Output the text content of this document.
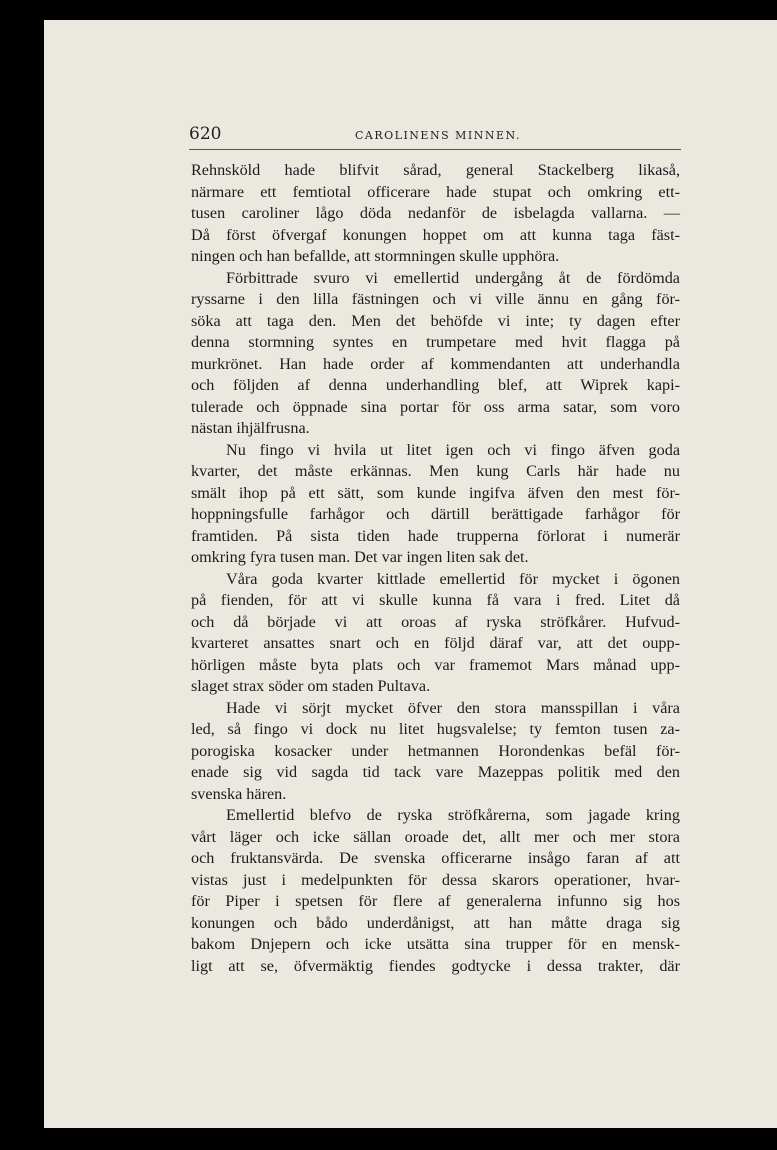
620	CAROLINENS MINNEN.
Rehnsköld hade blifvit sårad, general Stackelberg likaså,
närmare ett femtiotal officerare hade stupat och omkring ett-
tusen caroliner lågo döda nedanför de isbelagda vallarna. —
Då först öfvergaf konungen hoppet om att kunna taga fäst-
ningen och han befallde, att stormningen skulle upphöra.
Förbittrade svuro vi emellertid undergång åt de fördömda
ryssarne i den lilla fästningen och vi ville ännu en gång för-
söka att taga den. Men det behöfde vi inte; ty dagen efter
denna stormning syntes en trumpetare med hvit flagga på
murkrönet. Han hade order af kommendanten att underhandla
och följden af denna underhandling blef, att Wiprek kapi-
tulerade och öppnade sina portar för oss arma satar, som voro
nästan ihjälfrusna.
Nu fingo vi hvila ut litet igen och vi fingo äfven goda
kvarter, det måste erkännas. Men kung Carls här hade nu
smält ihop på ett sätt, som kunde ingifva äfven den mest för-
hoppningsfulle farhågor och därtill berättigade farhågor för
framtiden. På sista tiden hade trupperna förlorat i numerär
omkring fyra tusen man. Det var ingen liten sak det.
Våra goda kvarter kittlade emellertid för mycket i ögonen
på fienden, för att vi skulle kunna få vara i fred. Litet då
och då började vi att oroas af ryska ströfkårer. Hufvud-
kvarteret ansattes snart och en följd däraf var, att det oupp-
hörligen måste byta plats och var framemot Mars månad upp-
slaget strax söder om staden Pultava.
Hade vi sörjt mycket öfver den stora mansspillan i våra
led, så fingo vi dock nu litet hugsvalelse; ty femton tusen za-
porogiska kosacker under hetmannen Horondenkas befäl för-
enade sig vid sagda tid tack vare Mazeppas politik med den
svenska hären.
Emellertid blefvo de ryska ströfkårerna, som jagade kring
vårt läger och icke sällan oroade det, allt mer och mer stora
och fruktansvärda. De svenska officerarne insågo faran af att
vistas just i medelpunkten för dessa skarors operationer, hvar-
för Piper i spetsen för flere af generalerna infunno sig hos
konungen och bådo underdånigst, att han måtte draga sig
bakom Dnjepern och icke utsätta sina trupper för en mensk-
ligt att se, öfvermäktig fiendes godtycke i dessa trakter, där
